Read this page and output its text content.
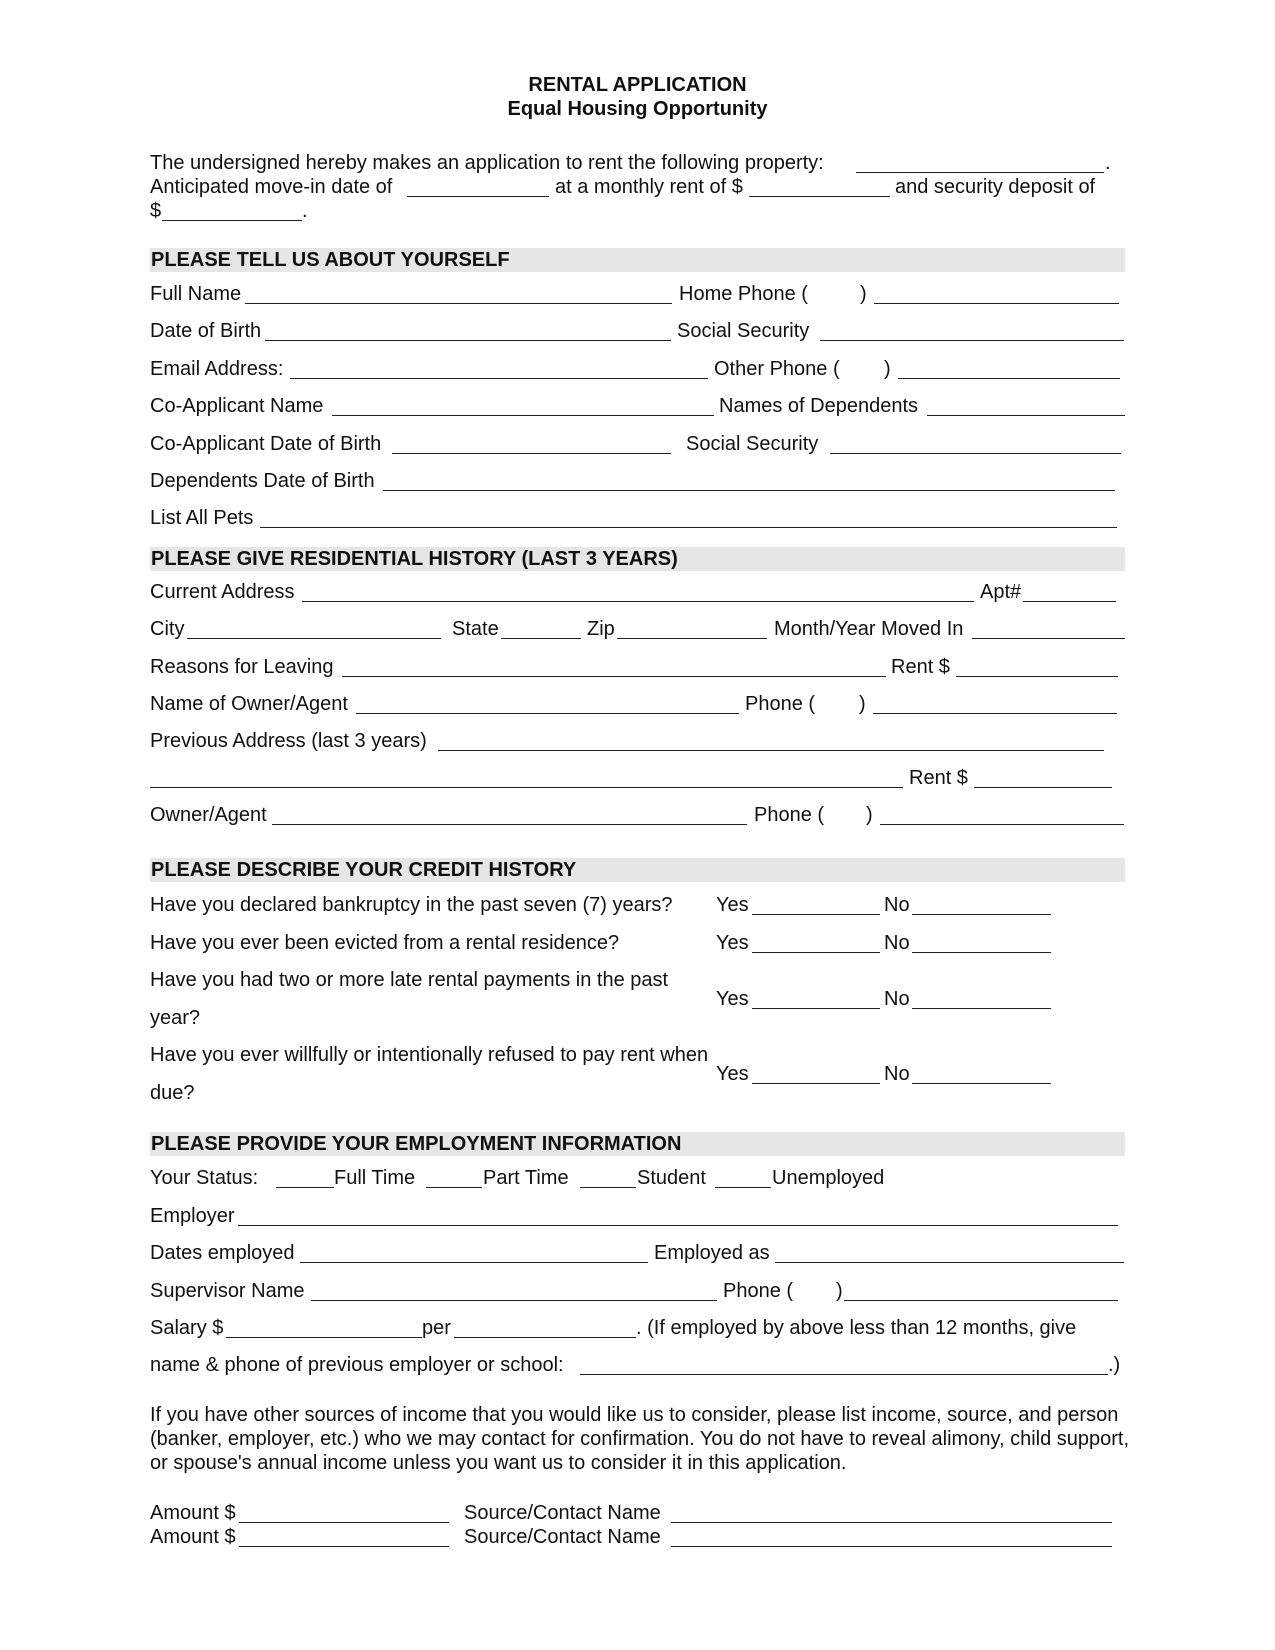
RENTAL APPLICATION
Equal Housing Opportunity
The undersigned hereby makes an application to rent the following property:	.
Anticipated move-in date of	at a monthly rent of $	and security deposit of
$	.
PLEASE TELL US ABOUT YOURSELF
Full Name	Home Phone (	)
Date of Birth	Social Security
Email Address:	Other Phone ( )
Co-Applicant Name	Names of Dependents
Co-Applicant Date of Birth	Social Security
Dependents Date of Birth
List All Pets
PLEASE GIVE RESIDENTIAL HISTORY (LAST 3 YEARS)
Current Address	Apt#
City	State	Zip	Month/Year Moved In
Reasons for Leaving	Rent $
Name of Owner/Agent	Phone ( )
Previous Address (last 3 years)
Rent $
Owner/Agent	Phone ( )
PLEASE DESCRIBE YOUR CREDIT HISTORY
Have you declared bankruptcy in the past seven (7) years?	Yes	No
Have you ever been evicted from a rental residence?	Yes	No
Have you had two or more late rental payments in the past year?
Yes	No
Have you ever willfully or intentionally refused to pay rent when due?
Yes	No
PLEASE PROVIDE YOUR EMPLOYMENT INFORMATION
Your Status:	Full Time	Part Time	Student	Unemployed
Employer
Dates employed	Employed as
Supervisor Name	Phone ( )
Salary $	per	. (If employed by above less than 12 months, give
name & phone of previous employer or school:	.)
If you have other sources of income that you would like us to consider, please list income, source, and person (banker, employer, etc.) who we may contact for confirmation. You do not have to reveal alimony, child support, or spouse's annual income unless you want us to consider it in this application.
Amount $	Source/Contact Name
Amount $	Source/Contact Name
